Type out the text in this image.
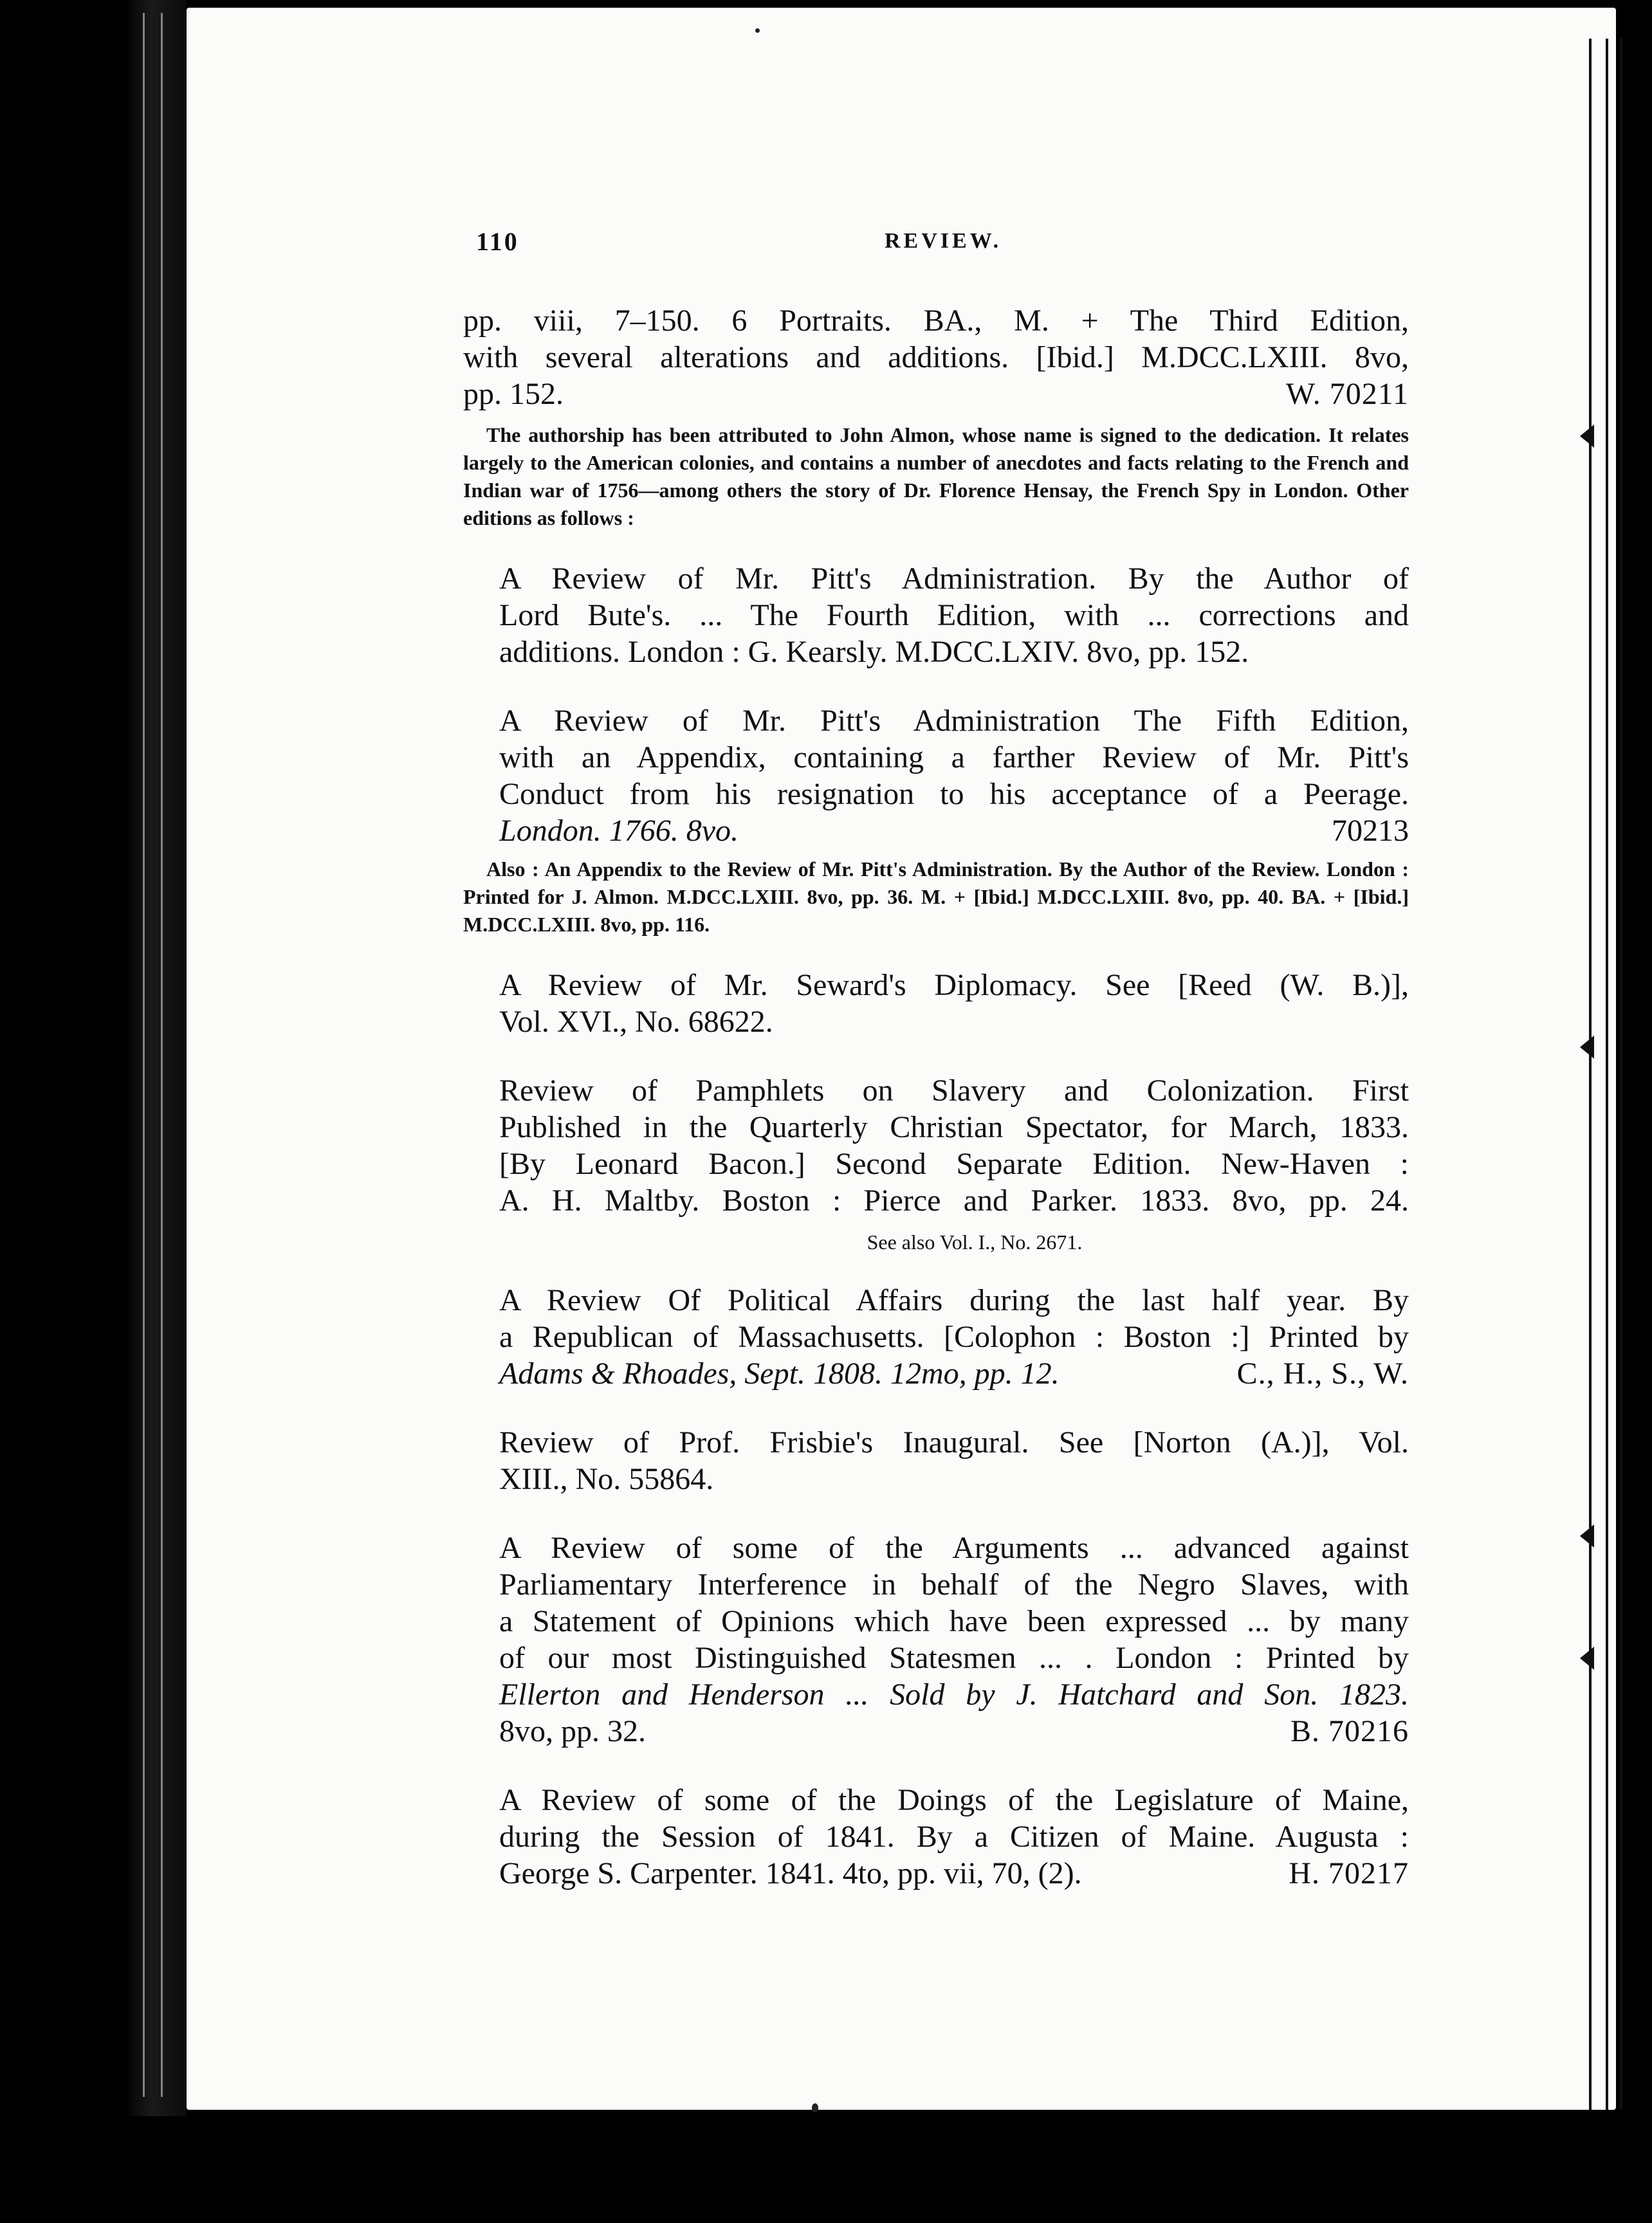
110	REVIEW.
pp. viii, 7–150. 6 Portraits. BA., M. + The Third Edition,
with several alterations and additions. [Ibid.] M.DCC.LXIII. 8vo,
pp. 152.	W. 70211

The authorship has been attributed to John Almon, whose name is signed to the dedication. It relates largely to the American colonies, and contains a number of anecdotes and facts relating to the French and Indian war of 1756—among others the story of Dr. Florence Hensay, the French Spy in London. Other editions as follows :

A Review of Mr. Pitt's Administration. By the Author of
Lord Bute's. ... The Fourth Edition, with ... corrections and
additions. London : G. Kearsly. M.DCC.LXIV. 8vo, pp. 152.
A Review of Mr. Pitt's Administration The Fifth Edition,
with an Appendix, containing a farther Review of Mr. Pitt's
Conduct from his resignation to his acceptance of a Peerage.
London. 1766. 8vo.	70213

Also : An Appendix to the Review of Mr. Pitt's Administration. By the Author of the Review. London : Printed for J. Almon. M.DCC.LXIII. 8vo, pp. 36. M. + [Ibid.] M.DCC.LXIII. 8vo, pp. 40. BA. + [Ibid.] M.DCC.LXIII. 8vo, pp. 116.

A Review of Mr. Seward's Diplomacy. See [Reed (W. B.)],
Vol. XVI., No. 68622.
Review of Pamphlets on Slavery and Colonization. First
Published in the Quarterly Christian Spectator, for March, 1833.
[By Leonard Bacon.] Second Separate Edition. New-Haven :
A. H. Maltby. Boston : Pierce and Parker. 1833. 8vo, pp. 24.

See also Vol. I., No. 2671.

A Review Of Political Affairs during the last half year. By
a Republican of Massachusetts. [Colophon : Boston :] Printed by
Adams & Rhoades, Sept. 1808. 12mo, pp. 12.	C., H., S., W.
Review of Prof. Frisbie's Inaugural. See [Norton (A.)], Vol.
XIII., No. 55864.
A Review of some of the Arguments ... advanced against
Parliamentary Interference in behalf of the Negro Slaves, with
a Statement of Opinions which have been expressed ... by many
of our most Distinguished Statesmen ... . London : Printed by
Ellerton and Henderson ... Sold by J. Hatchard and Son. 1823.
8vo, pp. 32.	B. 70216
A Review of some of the Doings of the Legislature of Maine,
during the Session of 1841. By a Citizen of Maine. Augusta :
George S. Carpenter. 1841. 4to, pp. vii, 70, (2).	H. 70217
